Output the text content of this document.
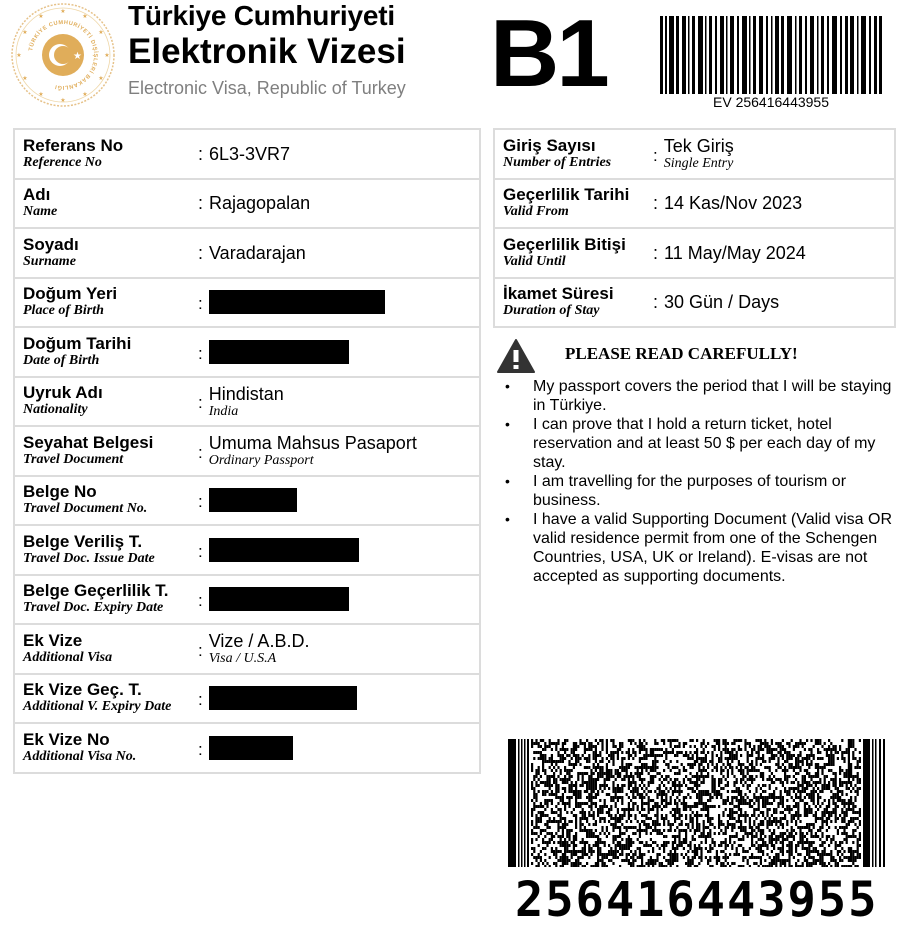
★
★	★
★	★
★	★
★	★
★	★
★
TÜRKİYE CUMHURİYETİ DIŞİŞLERİ BAKANLIĞI
★
Türkiye Cumhuriyeti
Elektronik Vizesi
Electronic Visa, Republic of Turkey B1	EV 256416443955
Referans No
Reference No	: 6L3-3VR7

Adı
Name	: Rajagopalan

Soyadı
Surname	: Varadarajan

Doğum Yeri
Place of Birth	:

Doğum Tarihi
Date of Birth	:

Uyruk Adı
Nationality	: Hindistan
India

Seyahat Belgesi
Travel Document	: Umuma Mahsus Pasaport
Ordinary Passport

Belge No
Travel Document No.	:

Belge Veriliş T.
Travel Doc. Issue Date	:

Belge Geçerlilik T.
Travel Doc. Expiry Date	:

Ek Vize
Additional Visa	: Vize / A.B.D.
Visa / U.S.A

Ek Vize Geç. T.
Additional V. Expiry Date	:

Ek Vize No
Additional Visa No.	:
Giriş Sayısı
Number of Entries	: Tek Giriş
Single Entry

Geçerlilik Tarihi
Valid From	: 14 Kas/Nov 2023

Geçerlilik Bitişi
Valid Until	: 11 May/May 2024

İkamet Süresi
Duration of Stay	: 30 Gün / Days
PLEASE READ CAREFULLY!
• My passport covers the period that I will be staying in Türkiye.
• I can prove that I hold a return ticket, hotel reservation and at least 50 $ per each day of my stay.
• I am travelling for the purposes of tourism or business.
• I have a valid Supporting Document (Valid visa OR valid residence permit from one of the Schengen Countries, USA, UK or Ireland). E-visas are not accepted as supporting documents.
256416443955
